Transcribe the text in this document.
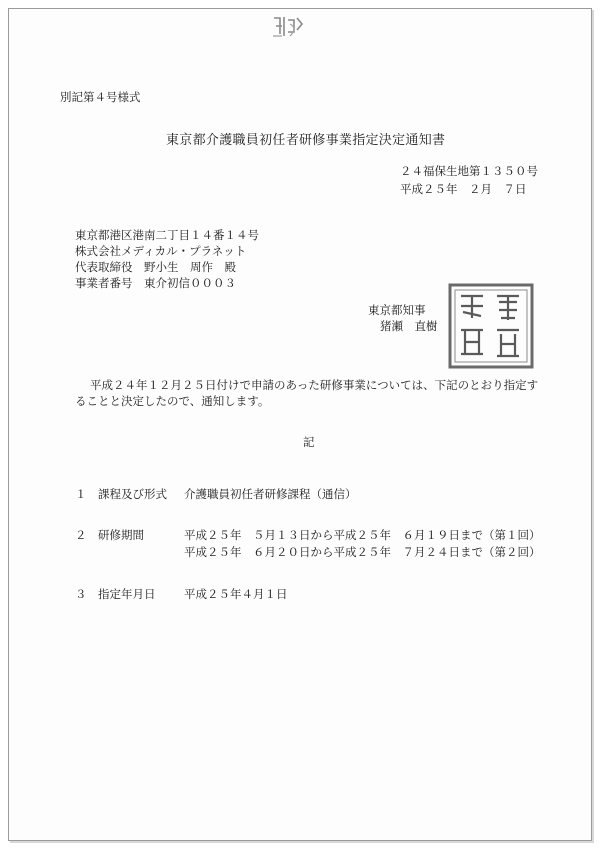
別記第４号様式
東京都介護職員初任者研修事業指定決定通知書
２４福保生地第１３５０号
平成２５年　２月　７日
東京都港区港南二丁目１４番１４号
株式会社メディカル・プラネット
代表取締役　野小生　周作　殿
事業者番号　東介初信０００３
東京都知事
猪瀬　直樹
平成２４年１２月２５日付けで申請のあった研修事業については、下記のとおり指定す
ることと決定したので、通知します。
記
１ 課程及び形式 介護職員初任者研修課程（通信）
２ 研修期間	平成２５年　５月１３日から平成２５年　６月１９日まで（第１回）
平成２５年　６月２０日から平成２５年　７月２４日まで（第２回）
３ 指定年月日 平成２５年４月１日
